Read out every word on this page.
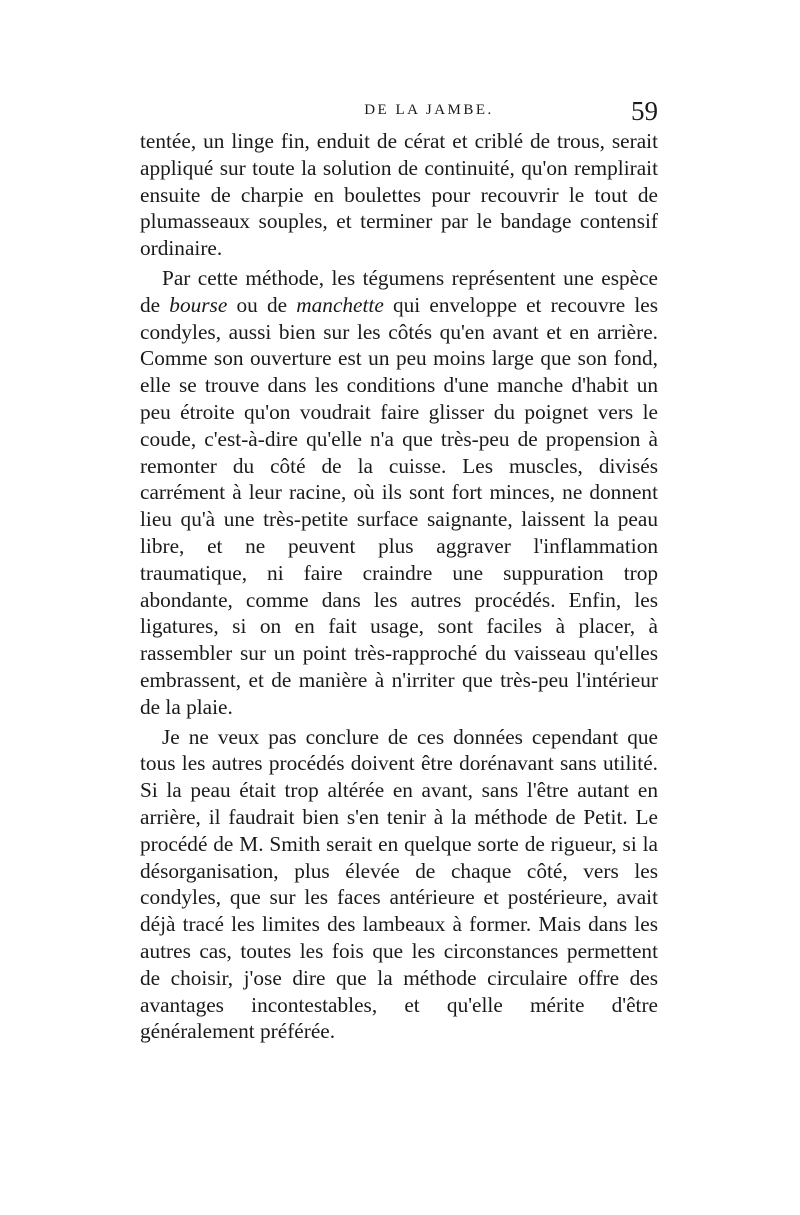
DE LA JAMBE.	59

tentée, un linge fin, enduit de cérat et criblé de trous, serait appliqué sur toute la solution de continuité, qu'on remplirait ensuite de charpie en boulettes pour recouvrir le tout de plumasseaux souples, et terminer par le bandage contensif ordinaire.

Par cette méthode, les tégumens représentent une espèce de bourse ou de manchette qui enveloppe et recouvre les condyles, aussi bien sur les côtés qu'en avant et en arrière. Comme son ouverture est un peu moins large que son fond, elle se trouve dans les conditions d'une manche d'habit un peu étroite qu'on voudrait faire glisser du poignet vers le coude, c'est-à-dire qu'elle n'a que très-peu de propension à remonter du côté de la cuisse. Les muscles, divisés carrément à leur racine, où ils sont fort minces, ne donnent lieu qu'à une très-petite surface saignante, laissent la peau libre, et ne peuvent plus aggraver l'inflammation traumatique, ni faire craindre une suppuration trop abondante, comme dans les autres procédés. Enfin, les ligatures, si on en fait usage, sont faciles à placer, à rassembler sur un point très-rapproché du vaisseau qu'elles embrassent, et de manière à n'irriter que très-peu l'intérieur de la plaie.

Je ne veux pas conclure de ces données cependant que tous les autres procédés doivent être dorénavant sans utilité. Si la peau était trop altérée en avant, sans l'être autant en arrière, il faudrait bien s'en tenir à la méthode de Petit. Le procédé de M. Smith serait en quelque sorte de rigueur, si la désorganisation, plus élevée de chaque côté, vers les condyles, que sur les faces antérieure et postérieure, avait déjà tracé les limites des lambeaux à former. Mais dans les autres cas, toutes les fois que les circonstances permettent de choisir, j'ose dire que la méthode circulaire offre des avantages incontestables, et qu'elle mérite d'être généralement préférée.
